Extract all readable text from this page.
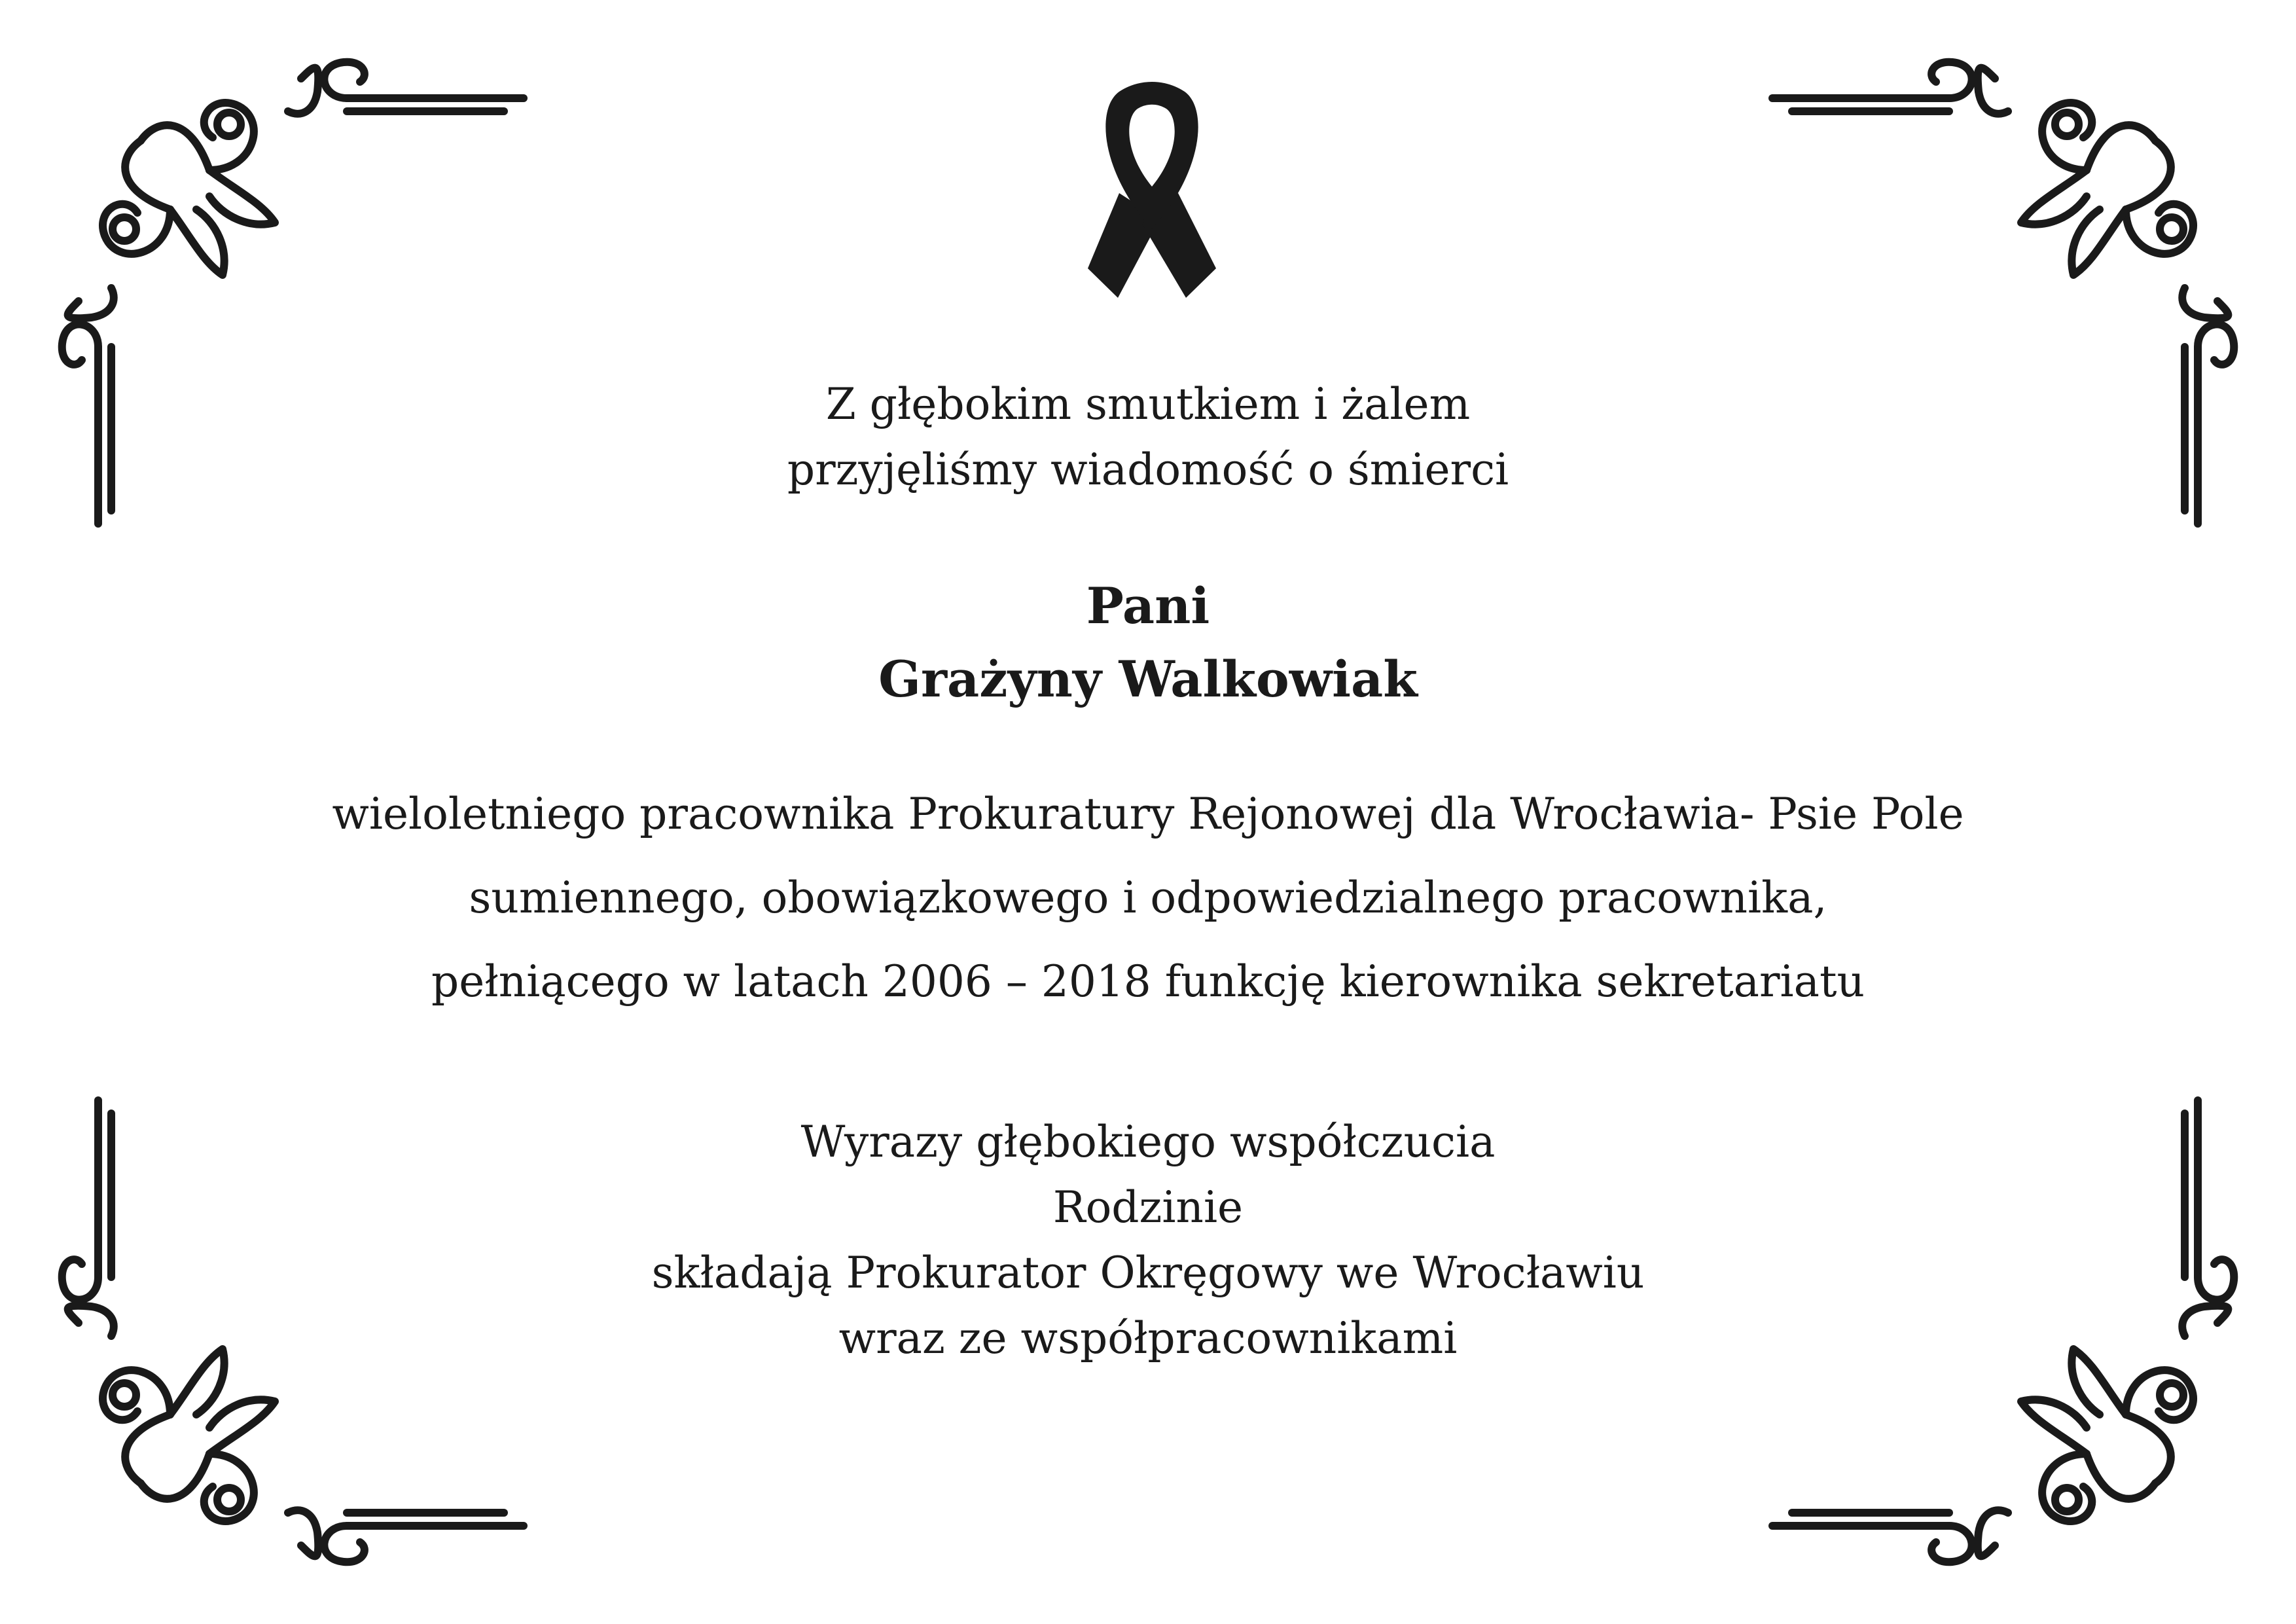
Z głębokim smutkiem i żalem
przyjęliśmy wiadomość o śmierci
Pani
Grażyny Walkowiak
wieloletniego pracownika Prokuratury Rejonowej dla Wrocławia- Psie Pole
sumiennego, obowiązkowego i odpowiedzialnego pracownika,
pełniącego w latach 2006 – 2018 funkcję kierownika sekretariatu
Wyrazy głębokiego współczucia
Rodzinie
składają Prokurator Okręgowy we Wrocławiu
wraz ze współpracownikami
